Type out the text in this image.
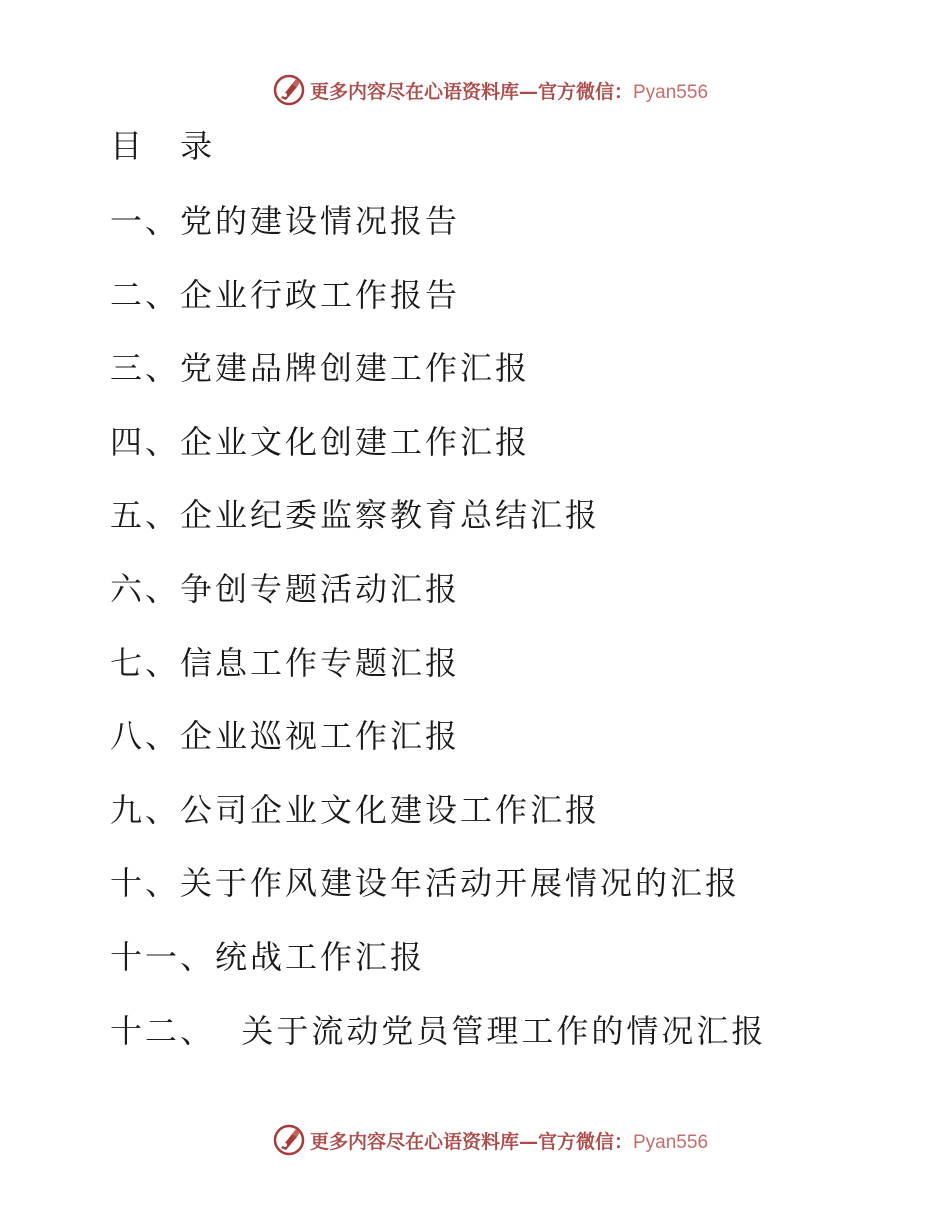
更多内容尽在心语资料库—官方微信：Pyan556
目 录
一、党的建设情况报告
二、企业行政工作报告
三、党建品牌创建工作汇报
四、企业文化创建工作汇报
五、企业纪委监察教育总结汇报
六、争创专题活动汇报
七、信息工作专题汇报
八、企业巡视工作汇报
九、公司企业文化建设工作汇报
十、关于作风建设年活动开展情况的汇报
十一、统战工作汇报
十二、  关于流动党员管理工作的情况汇报
更多内容尽在心语资料库—官方微信：Pyan556
